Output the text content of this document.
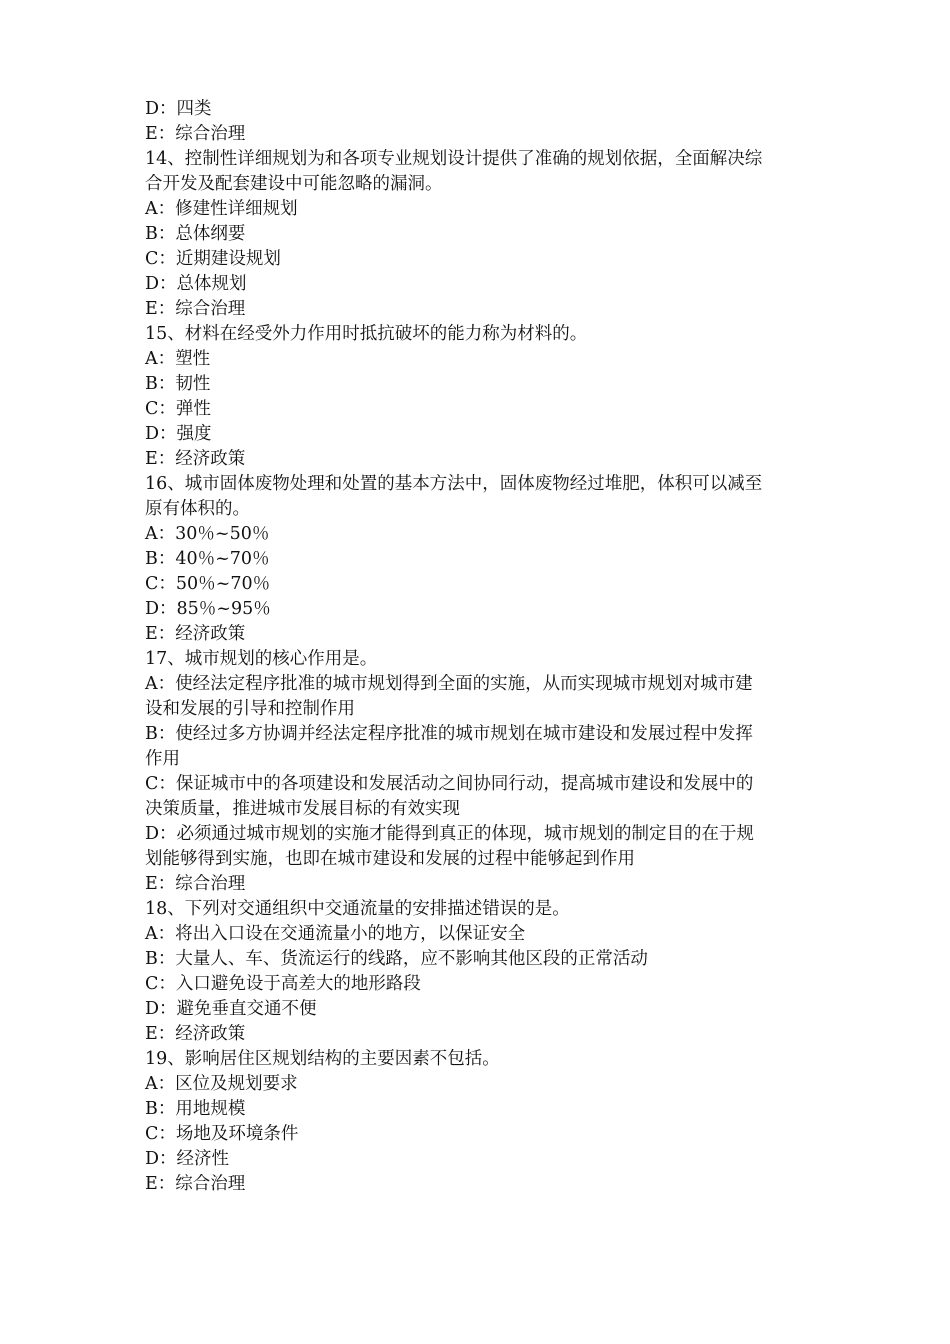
D：四类
E：综合治理
14、控制性详细规划为和各项专业规划设计提供了准确的规划依据，全面解决综
合开发及配套建设中可能忽略的漏洞。
A：修建性详细规划
B：总体纲要
C：近期建设规划
D：总体规划
E：综合治理
15、材料在经受外力作用时抵抗破坏的能力称为材料的。
A：塑性
B：韧性
C：弹性
D：强度
E：经济政策
16、城市固体废物处理和处置的基本方法中，固体废物经过堆肥，体积可以减至
原有体积的。
A：30％~50％
B：40％~70％
C：50％~70％
D：85％~95％
E：经济政策
17、城市规划的核心作用是。
A：使经法定程序批准的城市规划得到全面的实施，从而实现城市规划对城市建
设和发展的引导和控制作用
B：使经过多方协调并经法定程序批准的城市规划在城市建设和发展过程中发挥
作用
C：保证城市中的各项建设和发展活动之间协同行动，提高城市建设和发展中的
决策质量，推进城市发展目标的有效实现
D：必须通过城市规划的实施才能得到真正的体现，城市规划的制定目的在于规
划能够得到实施，也即在城市建设和发展的过程中能够起到作用
E：综合治理
18、下列对交通组织中交通流量的安排描述错误的是。
A：将出入口设在交通流量小的地方，以保证安全
B：大量人、车、货流运行的线路，应不影响其他区段的正常活动
C：入口避免设于高差大的地形路段
D：避免垂直交通不便
E：经济政策
19、影响居住区规划结构的主要因素不包括。
A：区位及规划要求
B：用地规模
C：场地及环境条件
D：经济性
E：综合治理
